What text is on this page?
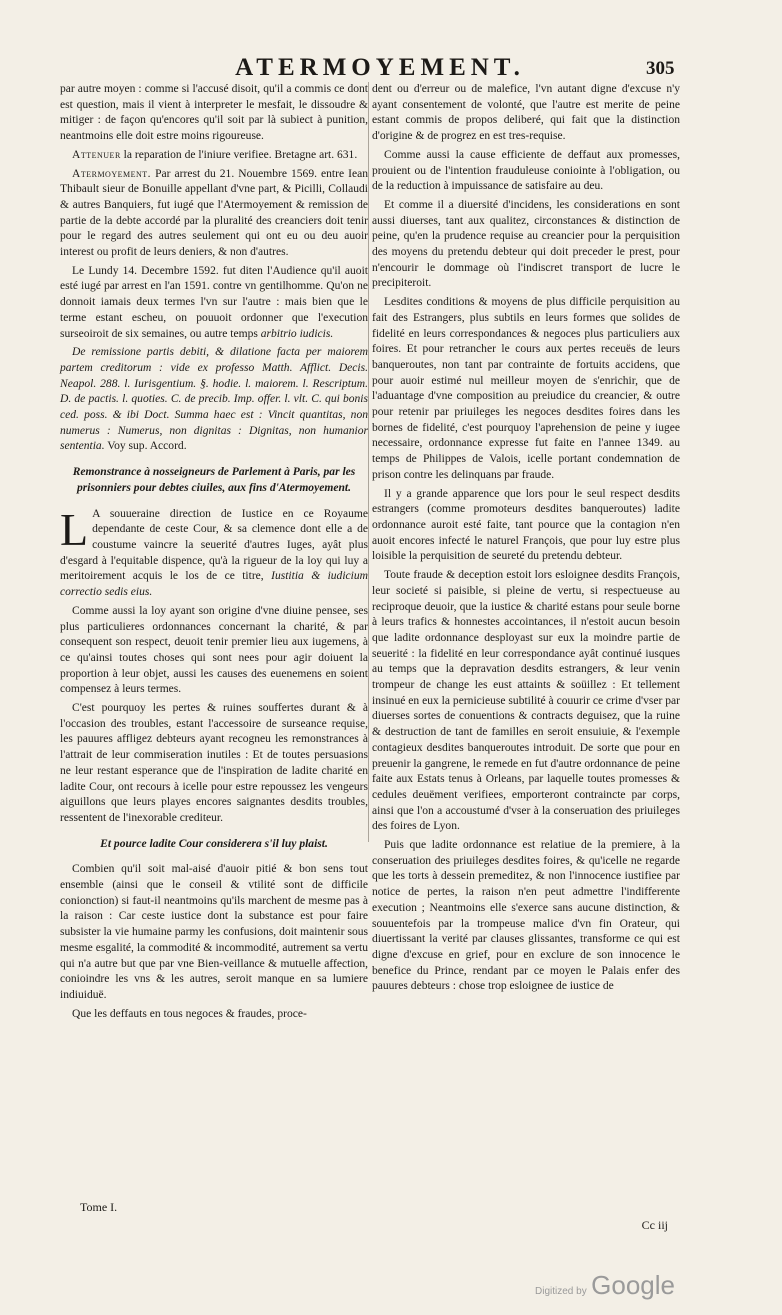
ATERMOYEMENT.	305

par autre moyen : comme si l'accusé disoit, qu'il a commis ce dont est question, mais il vient à interpreter le mesfait, le dissoudre & mitiger : de façon qu'encores qu'il soit par là subiect à punition, neantmoins elle doit estre moins rigoureuse.

Attenuer la reparation de l'iniure verifiee. Bretagne art. 631.

Atermoyement. Par arrest du 21. Nouembre 1569. entre Iean Thibault sieur de Bonuille appellant d'vne part, & Picilli, Collaudi & autres Banquiers, fut iugé que l'Atermoyement & remission de partie de la debte accordé par la pluralité des creanciers doit tenir pour le regard des autres seulement qui ont eu ou deu auoir interest ou profit de leurs deniers, & non d'autres.

Le Lundy 14. Decembre 1592. fut diten l'Audience qu'il auoit esté iugé par arrest en l'an 1591. contre vn gentilhomme. Qu'on ne donnoit iamais deux termes l'vn sur l'autre : mais bien que le terme estant escheu, on pouuoit ordonner que l'execution surseoiroit de six semaines, ou autre temps arbitrio iudicis.

De remissione partis debiti, & dilatione facta per maiorem partem creditorum : vide ex professo Matth. Afflict. Decis. Neapol. 288. l. Iurisgentium. §. hodie. l. maiorem. l. Rescriptum. D. de pactis. l. quoties. C. de precib. Imp. offer. l. vlt. C. qui bonis ced. poss. & ibi Doct. Summa haec est : Vincit quantitas, non numerus : Numerus, non dignitas : Dignitas, non humanior sententia. Voy sup. Accord.

Remonstrance à nosseigneurs de Parlement à Paris, par les prisonniers pour debtes ciuiles, aux fins d'Atermoyement.

L A souueraine direction de Iustice en ce Royaume dependante de ceste Cour, & sa clemence dont elle a de coustume vaincre la seuerité d'autres Iuges, ayât plus d'esgard à l'equitable dispence, qu'à la rigueur de la loy qui luy a meritoirement acquis le los de ce titre, Iustitia & iudicium correctio sedis eius.

Comme aussi la loy ayant son origine d'vne diuine pensee, ses plus particulieres ordonnances concernant la charité, & par consequent son respect, deuoit tenir premier lieu aux iugemens, à ce qu'ainsi toutes choses qui sont nees pour agir doiuent la proportion à leur objet, aussi les causes des euenemens en soient compensez à leurs termes.

C'est pourquoy les pertes & ruines souffertes durant & à l'occasion des troubles, estant l'accessoire de surseance requise, les pauures affligez debteurs ayant recogneu les remonstrances à l'attrait de leur commiseration inutiles : Et de toutes persuasions ne leur restant esperance que de l'inspiration de ladite charité en ladite Cour, ont recours à icelle pour estre repoussez les vengeurs aiguillons que leurs playes encores saignantes desdits troubles, ressentent de l'inexorable crediteur.

Et pource ladite Cour considerera s'il luy plaist.

Combien qu'il soit mal-aisé d'auoir pitié & bon sens tout ensemble (ainsi que le conseil & vtilité sont de difficile conionction) si faut-il neantmoins qu'ils marchent de mesme pas à la raison : Car ceste iustice dont la substance est pour faire subsister la vie humaine parmy les confusions, doit maintenir sous mesme esgalité, la commodité & incommodité, autrement sa vertu qui n'a autre but que par vne Bien-veillance & mutuelle affection, conioindre les vns & les autres, seroit manque en sa lumiere indiuiduë.

Que les deffauts en tous negoces & fraudes, proce-

dent ou d'erreur ou de malefice, l'vn autant digne d'excuse n'y ayant consentement de volonté, que l'autre est merite de peine estant commis de propos deliberé, qui fait que la distinction d'origine & de progrez en est tres-requise.

Comme aussi la cause efficiente de deffaut aux promesses, prouient ou de l'intention frauduleuse coniointe à l'obligation, ou de la reduction à impuissance de satisfaire au deu.

Et comme il a diuersité d'incidens, les considerations en sont aussi diuerses, tant aux qualitez, circonstances & distinction de peine, qu'en la prudence requise au creancier pour la perquisition des moyens du pretendu debteur qui doit preceder le prest, pour n'encourir le dommage où l'indiscret transport de lucre le precipiteroit.

Lesdites conditions & moyens de plus difficile perquisition au fait des Estrangers, plus subtils en leurs formes que solides de fidelité en leurs correspondances & negoces plus particuliers aux foires. Et pour retrancher le cours aux pertes receuës de leurs banqueroutes, non tant par contrainte de fortuits accidens, que pour auoir estimé nul meilleur moyen de s'enrichir, que de l'aduantage d'vne composition au preiudice du creancier, & outre pour retenir par priuileges les negoces desdites foires dans les bornes de fidelité, c'est pourquoy l'aprehension de peine y iugee necessaire, ordonnance expresse fut faite en l'annee 1349. au temps de Philippes de Valois, icelle portant condemnation de prison contre les delinquans par fraude.

Il y a grande apparence que lors pour le seul respect desdits estrangers (comme promoteurs desdites banqueroutes) ladite ordonnance auroit esté faite, tant pource que la contagion n'en auoit encores infecté le naturel François, que pour luy estre plus loisible la perquisition de seureté du pretendu debteur.

Toute fraude & deception estoit lors esloignee desdits François, leur societé si paisible, si pleine de vertu, si respectueuse au reciproque deuoir, que la iustice & charité estans pour seule borne à leurs trafics & honnestes accointances, il n'estoit aucun besoin que ladite ordonnance desployast sur eux la moindre partie de seuerité : la fidelité en leur correspondance ayât continué iusques au temps que la depravation desdits estrangers, & leur venin trompeur de change les eust attaints & soüillez : Et tellement insinué en eux la pernicieuse subtilité à couurir ce crime d'vser par diuerses sortes de conuentions & contracts deguisez, que la ruine & destruction de tant de familles en seroit ensuiuie, & l'exemple contagieux desdites banqueroutes introduit. De sorte que pour en preuenir la gangrene, le remede en fut d'autre ordonnance de peine faite aux Estats tenus à Orleans, par laquelle toutes promesses & cedules deuëment verifiees, emporteront contraincte par corps, ainsi que l'on a accoustumé d'vser à la conseruation des priuileges des foires de Lyon.

Puis que ladite ordonnance est relatiue de la premiere, à la conseruation des priuileges desdites foires, & qu'icelle ne regarde que les torts à dessein premeditez, & non l'innocence iustifiee par notice de pertes, la raison n'en peut admettre l'indifferente execution ; Neantmoins elle s'exerce sans aucune distinction, & souuentefois par la trompeuse malice d'vn fin Orateur, qui diuertissant la verité par clauses glissantes, transforme ce qui est digne d'excuse en grief, pour en exclure de son innocence le benefice du Prince, rendant par ce moyen le Palais enfer des pauures debteurs : chose trop esloignee de iustice de

Tome I.
Cc iij
Digitized by Google
